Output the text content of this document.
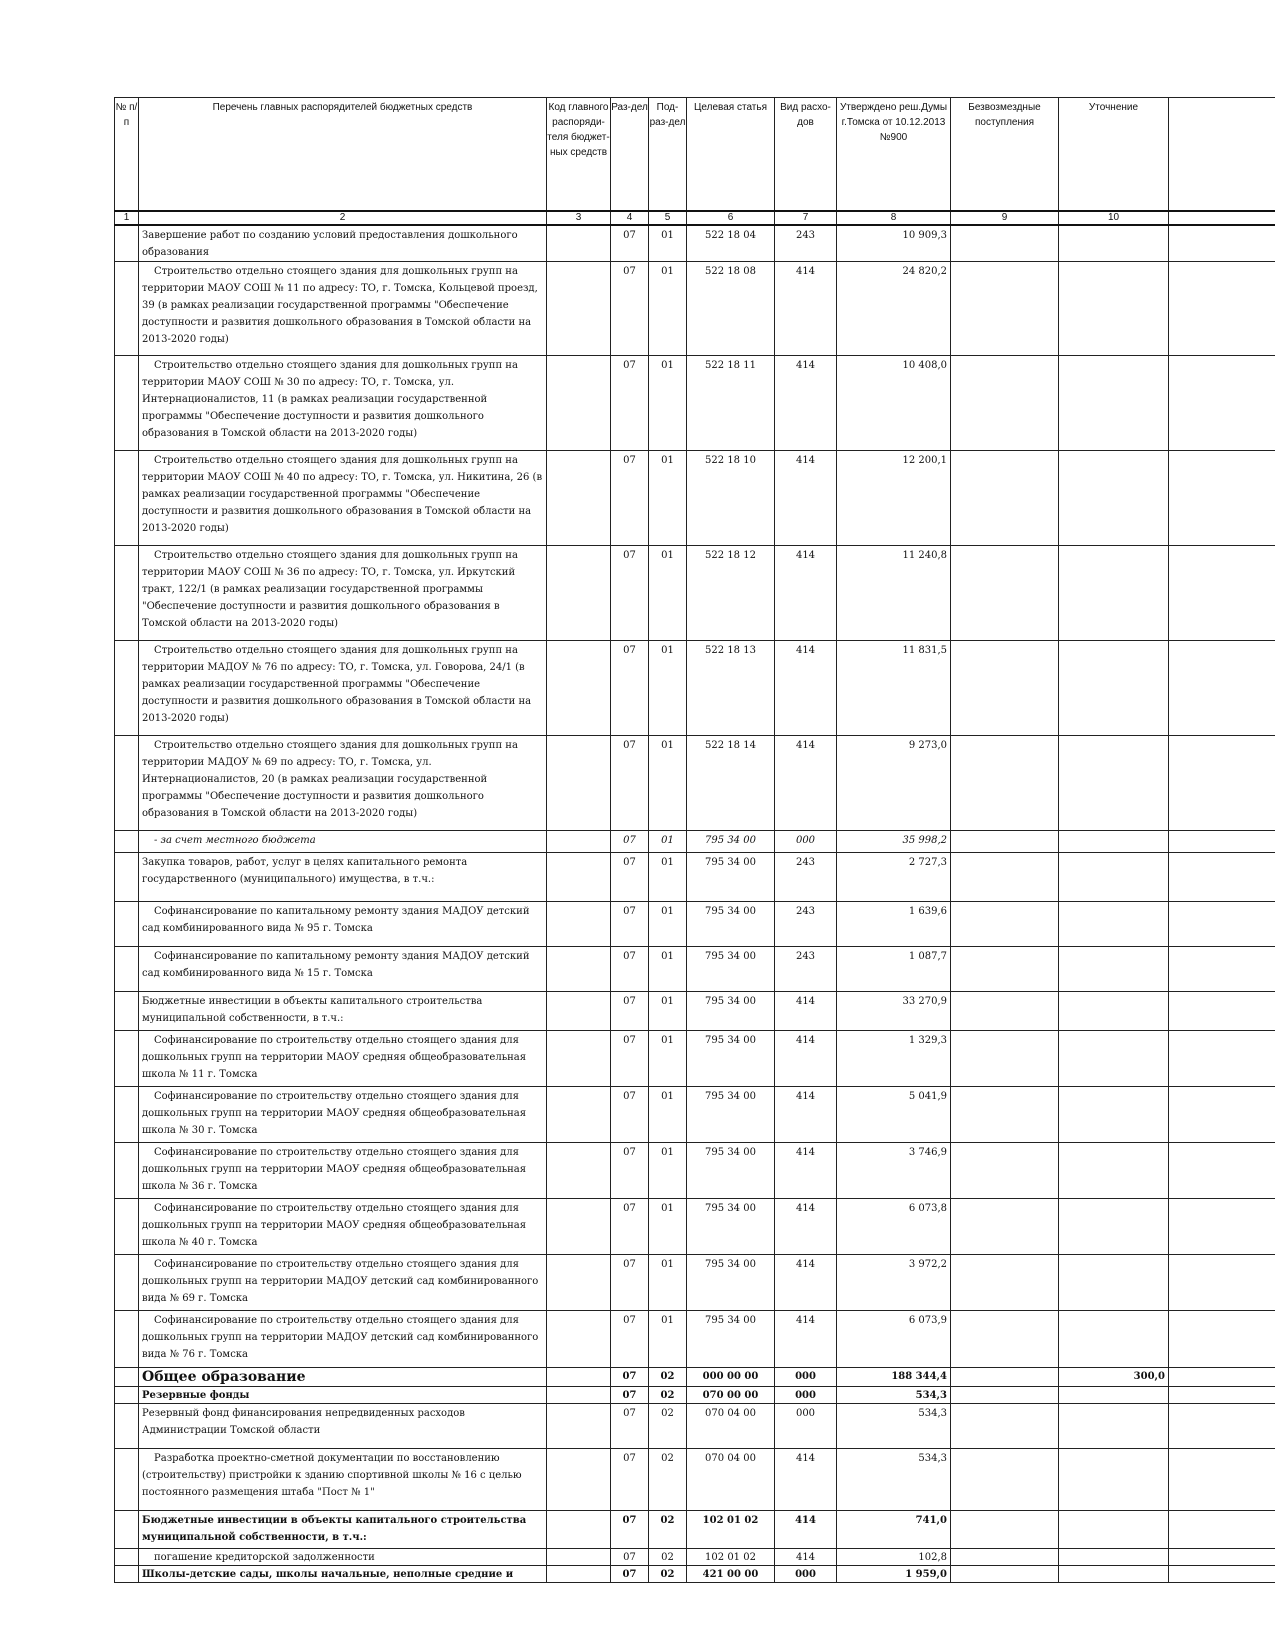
№ п/п	Перечень главных распорядителей бюджетных средств	Код главного распоряди-теля бюджет-ных средств	Раз-дел	Под-раз-дел	Целевая статья	Вид расхо-дов	Утверждено реш.Думы г.Томска от 10.12.2013 №900	Безвозмездные поступления	Уточнение	
1	2	3	4	5	6	7	8	9	10	
	Завершение работ по созданию условий предоставления дошкольного образования		07	01	522 18 04	243	10 909,3			
	Строительство отдельно стоящего здания для дошкольных групп на территории МАОУ СОШ № 11 по адресу: ТО, г. Томска, Кольцевой проезд, 39 (в рамках реализации государственной программы "Обеспечение доступности и развития дошкольного образования в Томской области на 2013-2020 годы)		07	01	522 18 08	414	24 820,2			
	Строительство отдельно стоящего здания для дошкольных групп на территории МАОУ СОШ № 30 по адресу: ТО, г. Томска, ул. Интернационалистов, 11 (в рамках реализации государственной программы "Обеспечение доступности и развития дошкольного образования в Томской области на 2013-2020 годы)		07	01	522 18 11	414	10 408,0			
	Строительство отдельно стоящего здания для дошкольных групп на территории МАОУ СОШ № 40 по адресу: ТО, г. Томска, ул. Никитина, 26 (в рамках реализации государственной программы "Обеспечение доступности и развития дошкольного образования в Томской области на 2013-2020 годы)		07	01	522 18 10	414	12 200,1			
	Строительство отдельно стоящего здания для дошкольных групп на территории МАОУ СОШ № 36 по адресу: ТО, г. Томска, ул. Иркутский тракт, 122/1 (в рамках реализации государственной программы "Обеспечение доступности и развития дошкольного образования в Томской области на 2013-2020 годы)		07	01	522 18 12	414	11 240,8			
	Строительство отдельно стоящего здания для дошкольных групп на территории МАДОУ № 76 по адресу: ТО, г. Томска, ул. Говорова, 24/1 (в рамках реализации государственной программы "Обеспечение доступности и развития дошкольного образования в Томской области на 2013-2020 годы)		07	01	522 18 13	414	11 831,5			
	Строительство отдельно стоящего здания для дошкольных групп на территории МАДОУ № 69 по адресу: ТО, г. Томска, ул. Интернационалистов, 20 (в рамках реализации государственной программы "Обеспечение доступности и развития дошкольного образования в Томской области на 2013-2020 годы)		07	01	522 18 14	414	9 273,0			
	- за счет местного бюджета		07	01	795 34 00	000	35 998,2			
	Закупка товаров, работ, услуг в целях капитального ремонта государственного (муниципального) имущества, в т.ч.:		07	01	795 34 00	243	2 727,3			
	Софинансирование по капитальному ремонту здания МАДОУ детский сад комбинированного вида № 95 г. Томска		07	01	795 34 00	243	1 639,6			
	Софинансирование по капитальному ремонту здания МАДОУ детский сад комбинированного вида № 15 г. Томска		07	01	795 34 00	243	1 087,7			
	Бюджетные инвестиции в объекты капитального строительства муниципальной собственности, в т.ч.:		07	01	795 34 00	414	33 270,9			
	Софинансирование по строительству отдельно стоящего здания для дошкольных групп на территории МАОУ средняя общеобразовательная школа № 11 г. Томска		07	01	795 34 00	414	1 329,3			
	Софинансирование по строительству отдельно стоящего здания для дошкольных групп на территории МАОУ средняя общеобразовательная школа № 30 г. Томска		07	01	795 34 00	414	5 041,9			
	Софинансирование по строительству отдельно стоящего здания для дошкольных групп на территории МАОУ средняя общеобразовательная школа № 36 г. Томска		07	01	795 34 00	414	3 746,9			
	Софинансирование по строительству отдельно стоящего здания для дошкольных групп на территории МАОУ средняя общеобразовательная школа № 40 г. Томска		07	01	795 34 00	414	6 073,8			
	Софинансирование по строительству отдельно стоящего здания для дошкольных групп на территории МАДОУ детский сад комбинированного вида № 69 г. Томска		07	01	795 34 00	414	3 972,2			
	Софинансирование по строительству отдельно стоящего здания для дошкольных групп на территории МАДОУ детский сад комбинированного вида № 76 г. Томска		07	01	795 34 00	414	6 073,9			
	Общее образование		07	02	000 00 00	000	188 344,4		300,0	
	Резервные фонды		07	02	070 00 00	000	534,3			
	Резервный фонд финансирования непредвиденных расходов Администрации Томской области		07	02	070 04 00	000	534,3			
	Разработка проектно-сметной документации по восстановлению (строительству) пристройки к зданию спортивной школы № 16 с целью постоянного размещения штаба "Пост № 1"		07	02	070 04 00	414	534,3			
	Бюджетные инвестиции в объекты капитального строительства муниципальной собственности, в т.ч.:		07	02	102 01 02	414	741,0			
	погашение кредиторской задолженности		07	02	102 01 02	414	102,8			
	Школы-детские сады, школы начальные, неполные средние и		07	02	421 00 00	000	1 959,0			
